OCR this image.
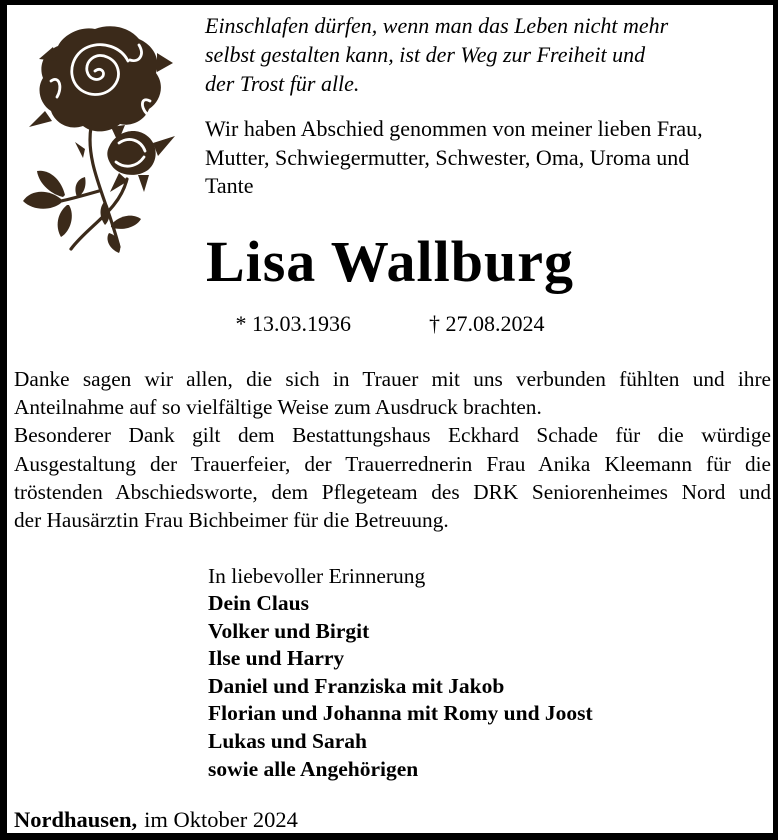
Einschlafen dürfen, wenn man das Leben nicht mehr
selbst gestalten kann, ist der Weg zur Freiheit und
der Trost für alle.
Wir haben Abschied genommen von meiner lieben Frau,
Mutter, Schwiegermutter, Schwester, Oma, Uroma und
Tante
Lisa Wallburg
* 13.03.1936	† 27.08.2024
Danke sagen wir allen, die sich in Trauer mit uns verbunden fühlten und ihre
Anteilnahme auf so vielfältige Weise zum Ausdruck brachten.
Besonderer Dank gilt dem Bestattungshaus Eckhard Schade für die würdige
Ausgestaltung der Trauerfeier, der Trauerrednerin Frau Anika Kleemann für die
tröstenden Abschiedsworte, dem Pflegeteam des DRK Seniorenheimes Nord und
der Hausärztin Frau Bichbeimer für die Betreuung.
In liebevoller Erinnerung
Dein Claus
Volker und Birgit
Ilse und Harry
Daniel und Franziska mit Jakob
Florian und Johanna mit Romy und Joost
Lukas und Sarah
sowie alle Angehörigen
Nordhausen, im Oktober 2024
